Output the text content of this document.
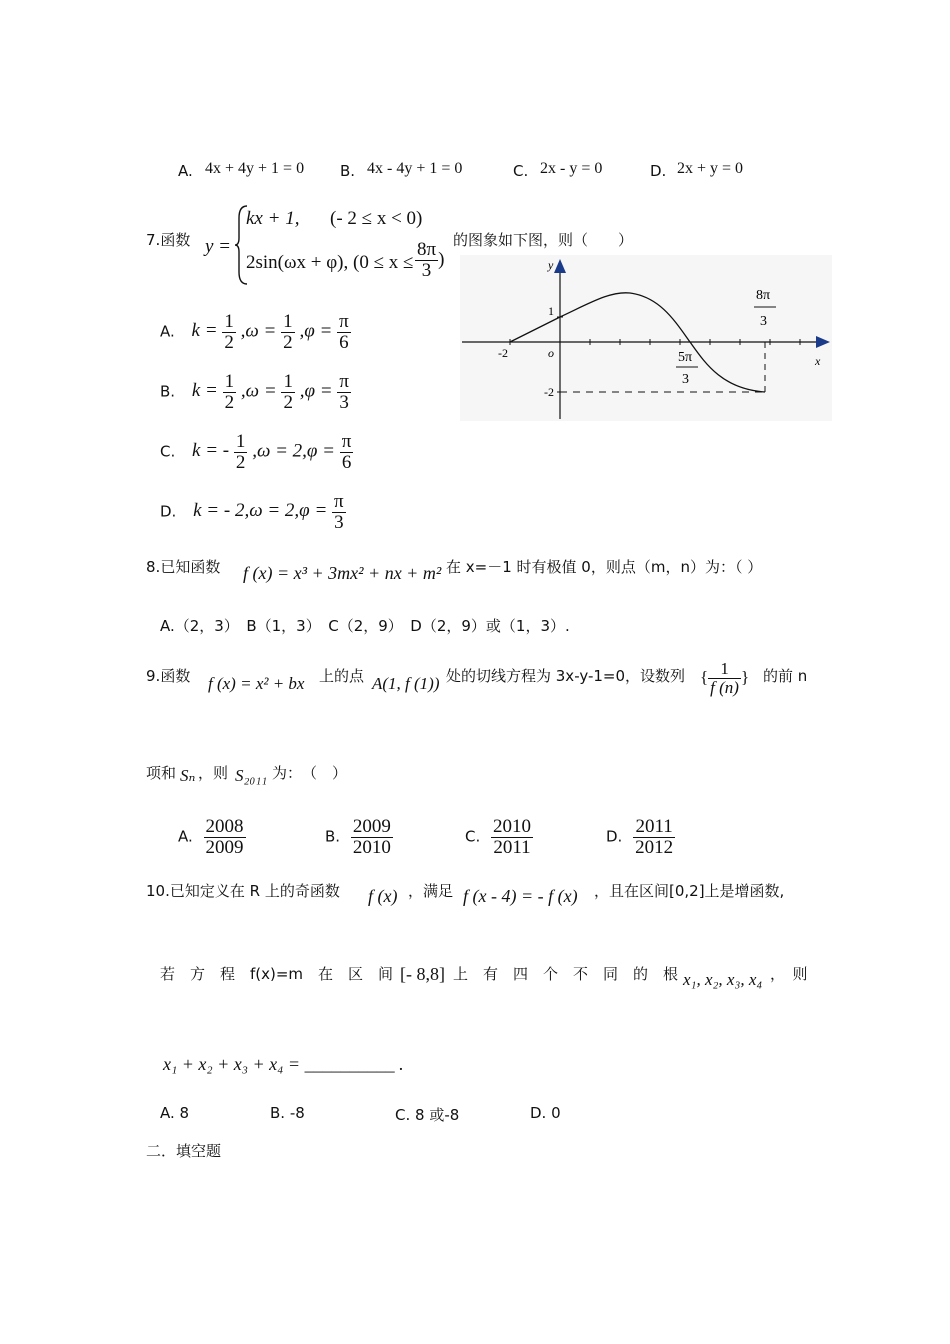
A. 4x + 4y + 1 = 0 B. 4x - 4y + 1 = 0	C. 2x - y = 0	D. 2x + y = 0
7.函数 y =
kx + 1, (- 2 ≤ x < 0)
2sin(ωx + φ), ($0 \le x \le \frac{8\pi}{3}$ )
的图象如下图，则（　　）
A. $k = \frac{1}{2} ,\omega = \frac{1}{2} ,\varphi = \frac{\pi}{6}$
B. $k = \frac{1}{2} ,\omega = \frac{1}{2} ,\varphi = \frac{\pi}{3}$
C. k = - $\frac{1}{2} ,\omega = 2,\varphi = \frac{\pi}{6}$
D. k = - $2,\omega = 2,\varphi = \frac{\pi}{3}$
y
x
o
-2
1
-2
5π
3
8π
3
8.已知函数 f (x) = x³ + 3mx² + nx + m² 在 x=－1 时有极值 0，则点（m，n）为：（ ）
A.（2，3）　B（1，3）　C（2，9）　D（2，9）或（1，3）.
9.函数 f (x) = x² + bx 上的点 A(1, f (1)) 处的切线方程为 3x-y-1=0，设数列 { $\frac{1}{f (n)}$ } 的前 n
项和 Sₙ ，则 S₂₀₁₁ 为：　（　）
A. $\frac{2008}{2009}$	B. $\frac{2009}{2010}$	C. $\frac{2010}{2011}$	D. $\frac{2011}{2012}$
10.已知定义在 R 上的奇函数 f (x) ，满足 f (x - 4) = - f (x) ，且在区间[0,2]上是增函数,
若　方　程　f(x)=m　在　区　间 [- 8,8] 上　有　四　个　不　同　的　根 x₁, x₂, x₃, x₄ ，　则
x₁ + x₂ + x₃ + x₄ = __________ .
A. 8	B. -8	C. 8 或-8	D. 0
二．填空题
